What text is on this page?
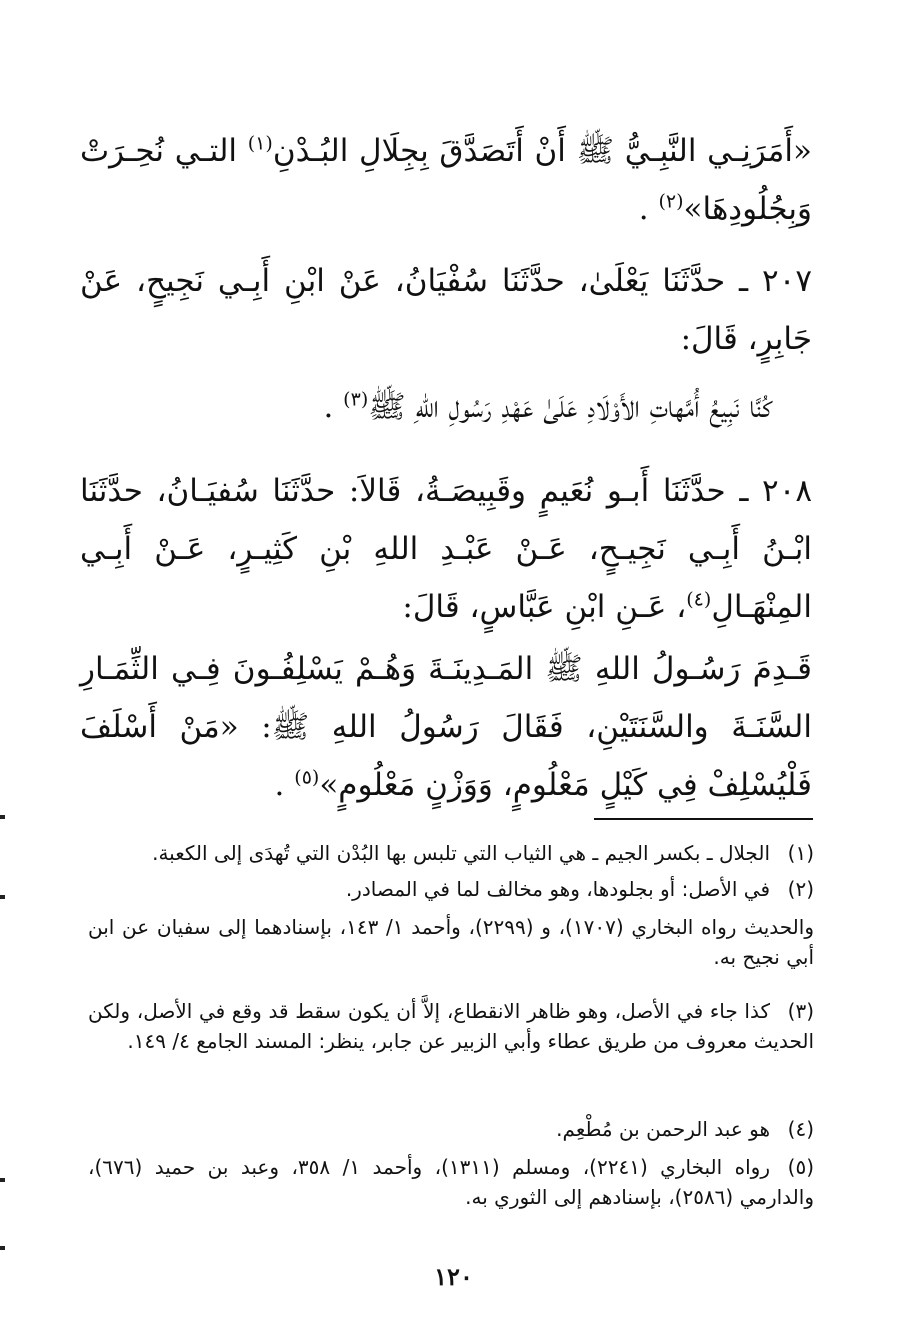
«أَمَرَنِـي النَّبِـيُّ ﷺ أَنْ أَتَصَدَّقَ بِجِلَالِ البُـدْنِ$^{(١)}$ التـي نُحِـرَتْ وَبِجُلُودِهَا»$^{(٢)}$ .
٢٠٧ ـ حدَّثَنَا يَعْلَىٰ، حدَّثَنَا سُفْيَانُ، عَنْ ابْنِ أَبِـي نَجِيحٍ، عَنْ جَابِرٍ، قَالَ:
كُنَّا نَبِيعُ أُمَّهاتِ الأَوْلَادِ عَلَىٰ عَهْدِ رَسُولِ اللهِ ﷺ$^{(٣)}$ .
٢٠٨ ـ حدَّثَنَا أَبـو نُعَيمٍ وقَبِيصَـةُ، قَالاَ: حدَّثَنَا سُفيَـانُ، حدَّثَنَا ابْـنُ أَبِـي نَجِيـحٍ، عَـنْ عَبْـدِ اللهِ بْنِ كَثِيـرٍ، عَـنْ أَبِـي المِنْهَـالِ$^{(٤)}$، عَـنِ ابْنِ عَبَّاسٍ، قَالَ:
قَـدِمَ رَسُـولُ اللهِ ﷺ المَـدِينَـةَ وَهُـمْ يَسْلِفُـونَ فِـي الثِّمَـارِ السَّنَـةَ والسَّنَتَيْنِ، فَقَالَ رَسُولُ اللهِ ﷺ: «مَنْ أَسْلَفَ فَلْيُسْلِفْ فِي كَيْلٍ مَعْلُومٍ، وَوَزْنٍ مَعْلُومٍ»$^{(٥)}$ .
(١)الجلال ـ بكسر الجيم ـ هي الثياب التي تلبس بها البُدْن التي تُهدَى إلى الكعبة.
(٢)في الأصل: أو بجلودها، وهو مخالف لما في المصادر.
والحديث رواه البخاري (١٧٠٧)، و (٢٢٩٩)، وأحمد ١/ ١٤٣، بإسنادهما إلى سفيان عن ابن أبي نجيح به.
(٣)كذا جاء في الأصل، وهو ظاهر الانقطاع، إلاَّ أن يكون سقط قد وقع في الأصل، ولكن الحديث معروف من طريق عطاء وأبي الزبير عن جابر، ينظر: المسند الجامع ٤/ ١٤٩.
(٤)هو عبد الرحمن بن مُطْعِم.
(٥)رواه البخاري (٢٢٤١)، ومسلم (١٣١١)، وأحمد ١/ ٣٥٨، وعبد بن حميد (٦٧٦)، والدارمي (٢٥٨٦)، بإسنادهم إلى الثوري به.
١٢٠
